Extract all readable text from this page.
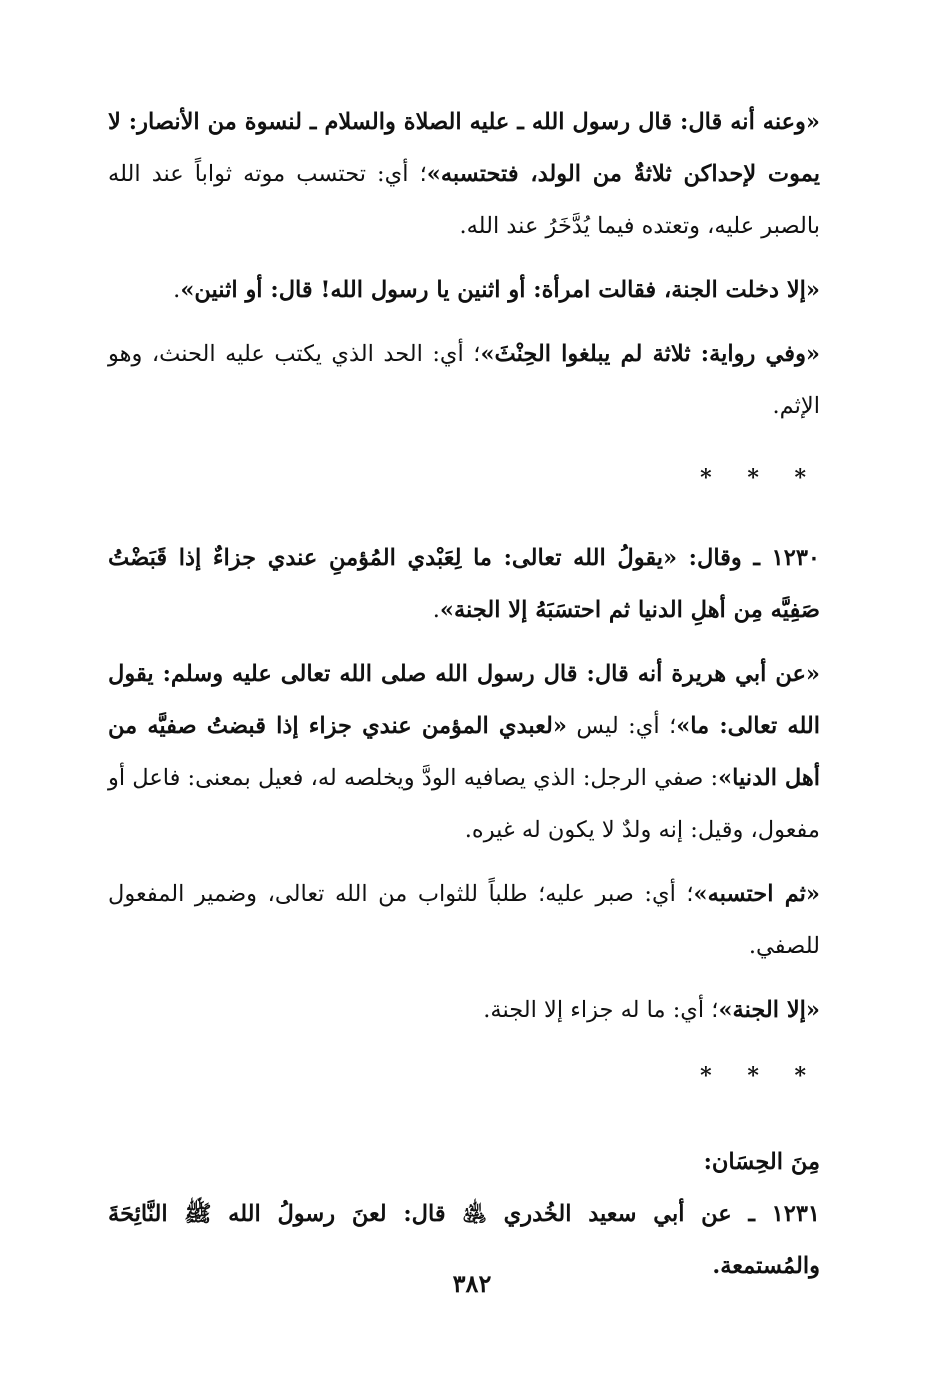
«وعنه أنه قال: قال رسول الله ـ عليه الصلاة والسلام ـ لنسوة من الأنصار: لا يموت لإحداكن ثلاثةٌ من الولد، فتحتسبه»؛ أي: تحتسب موته ثواباً عند الله بالصبر عليه، وتعتده فيما يُدَّخَرُ عند الله.

«إلا دخلت الجنة، فقالت امرأة: أو اثنين يا رسول الله! قال: أو اثنين».

«وفي رواية: ثلاثة لم يبلغوا الحِنْثَ»؛ أي: الحد الذي يكتب عليه الحنث، وهو الإثم.

* * *

١٢٣٠ ـ وقال: «يقولُ الله تعالى: ما لِعَبْدي المُؤمنِ عندي جزاءٌ إذا قَبَضْتُ صَفِيَّه مِن أهلِ الدنيا ثم احتسَبَهُ إلا الجنة».

«عن أبي هريرة أنه قال: قال رسول الله صلى الله تعالى عليه وسلم: يقول الله تعالى: ما»؛ أي: ليس «لعبدي المؤمن عندي جزاء إذا قبضتُ صفيَّه من أهل الدنيا»: صفي الرجل: الذي يصافيه الودَّ ويخلصه له، فعيل بمعنى: فاعل أو مفعول، وقيل: إنه ولدٌ لا يكون له غيره.

«ثم احتسبه»؛ أي: صبر عليه؛ طلباً للثواب من الله تعالى، وضمير المفعول للصفي.

«إلا الجنة»؛ أي: ما له جزاء إلا الجنة.

* * *

مِنَ الحِسَان:

١٢٣١ ـ عن أبي سعيد الخُدري ﵁ قال: لعنَ رسولُ الله ﷺ النَّائِحَةَ والمُستمعة.

٣٨٢
